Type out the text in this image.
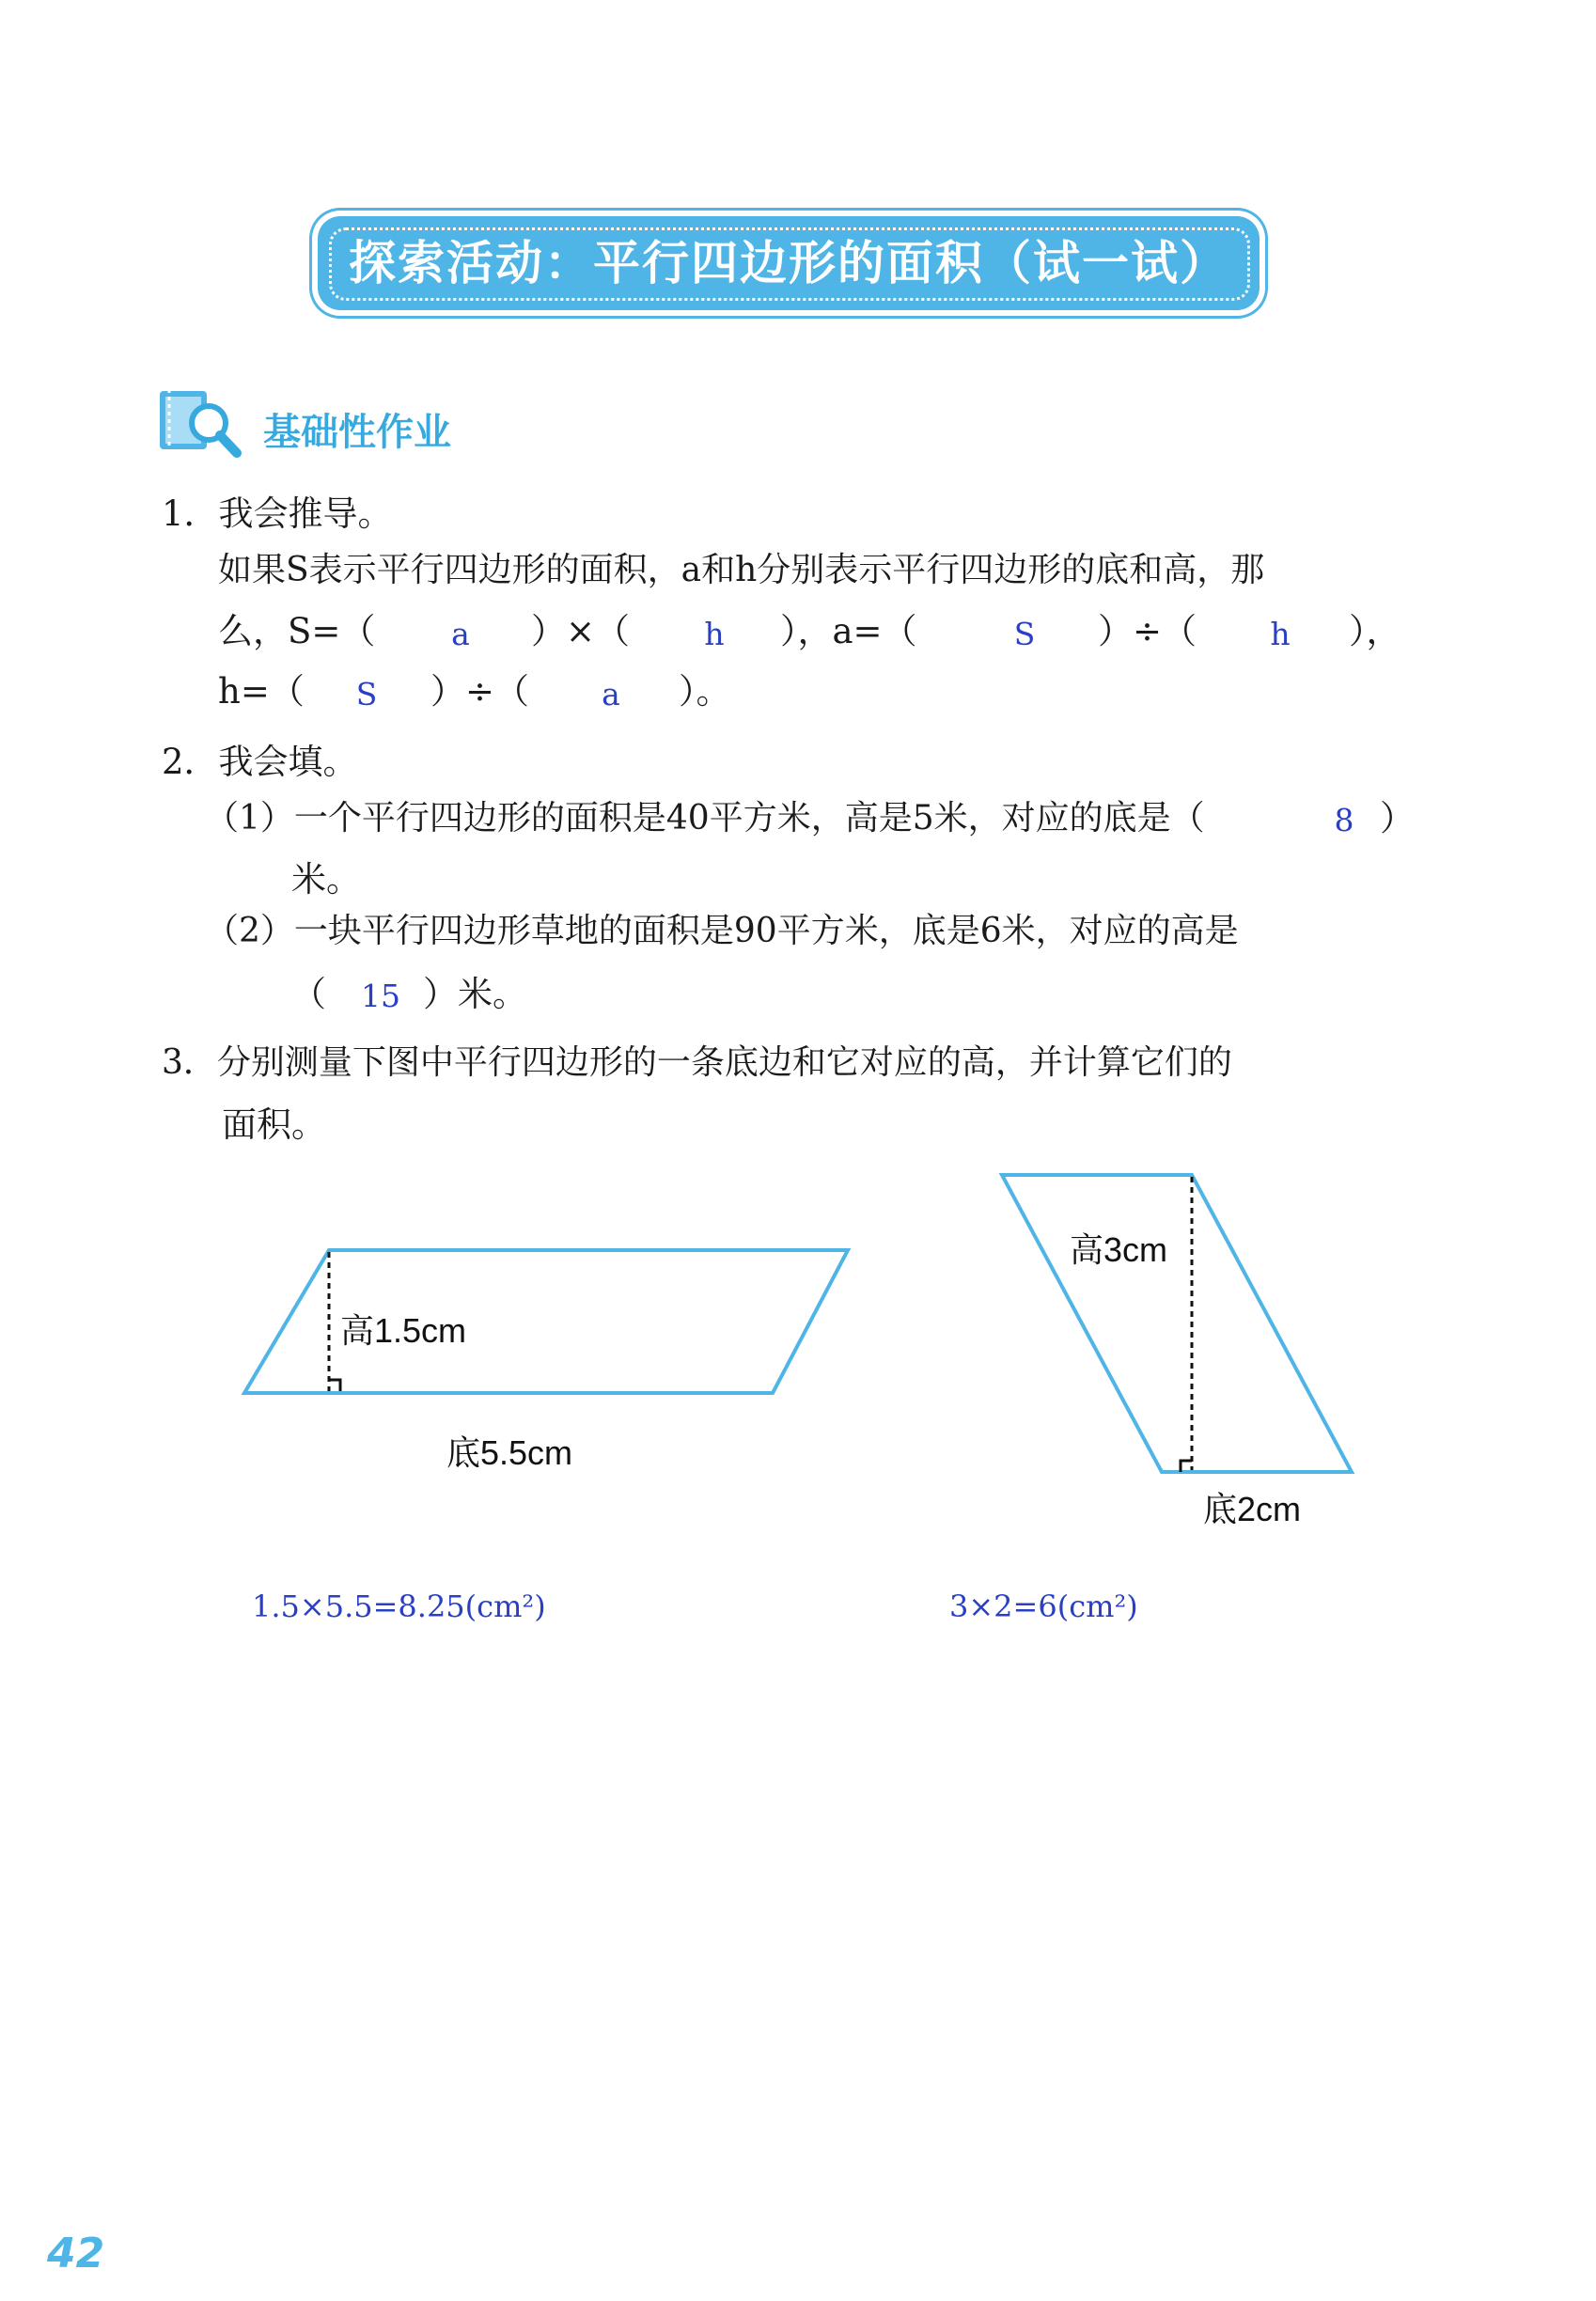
探索活动：平行四边形的面积（试一试）
基础性作业
1．我会推导。
如果S表示平行四边形的面积，a和h分别表示平行四边形的底和高，那
么，S=（	a	）×（	h	），a=（	S	）÷（	h	），
h=（	S	）÷（	a	）。
2．我会填。
（1）一个平行四边形的面积是40平方米，高是5米，对应的底是（	8 ）
米。
（2）一块平行四边形草地的面积是90平方米，底是6米，对应的高是
（	15 ）米。
3．分别测量下图中平行四边形的一条底边和它对应的高，并计算它们的
面积。
高1.5cm
底5.5cm
高3cm
底2cm
1.5×5.5=8.25(cm²)	3×2=6(cm²)
42
